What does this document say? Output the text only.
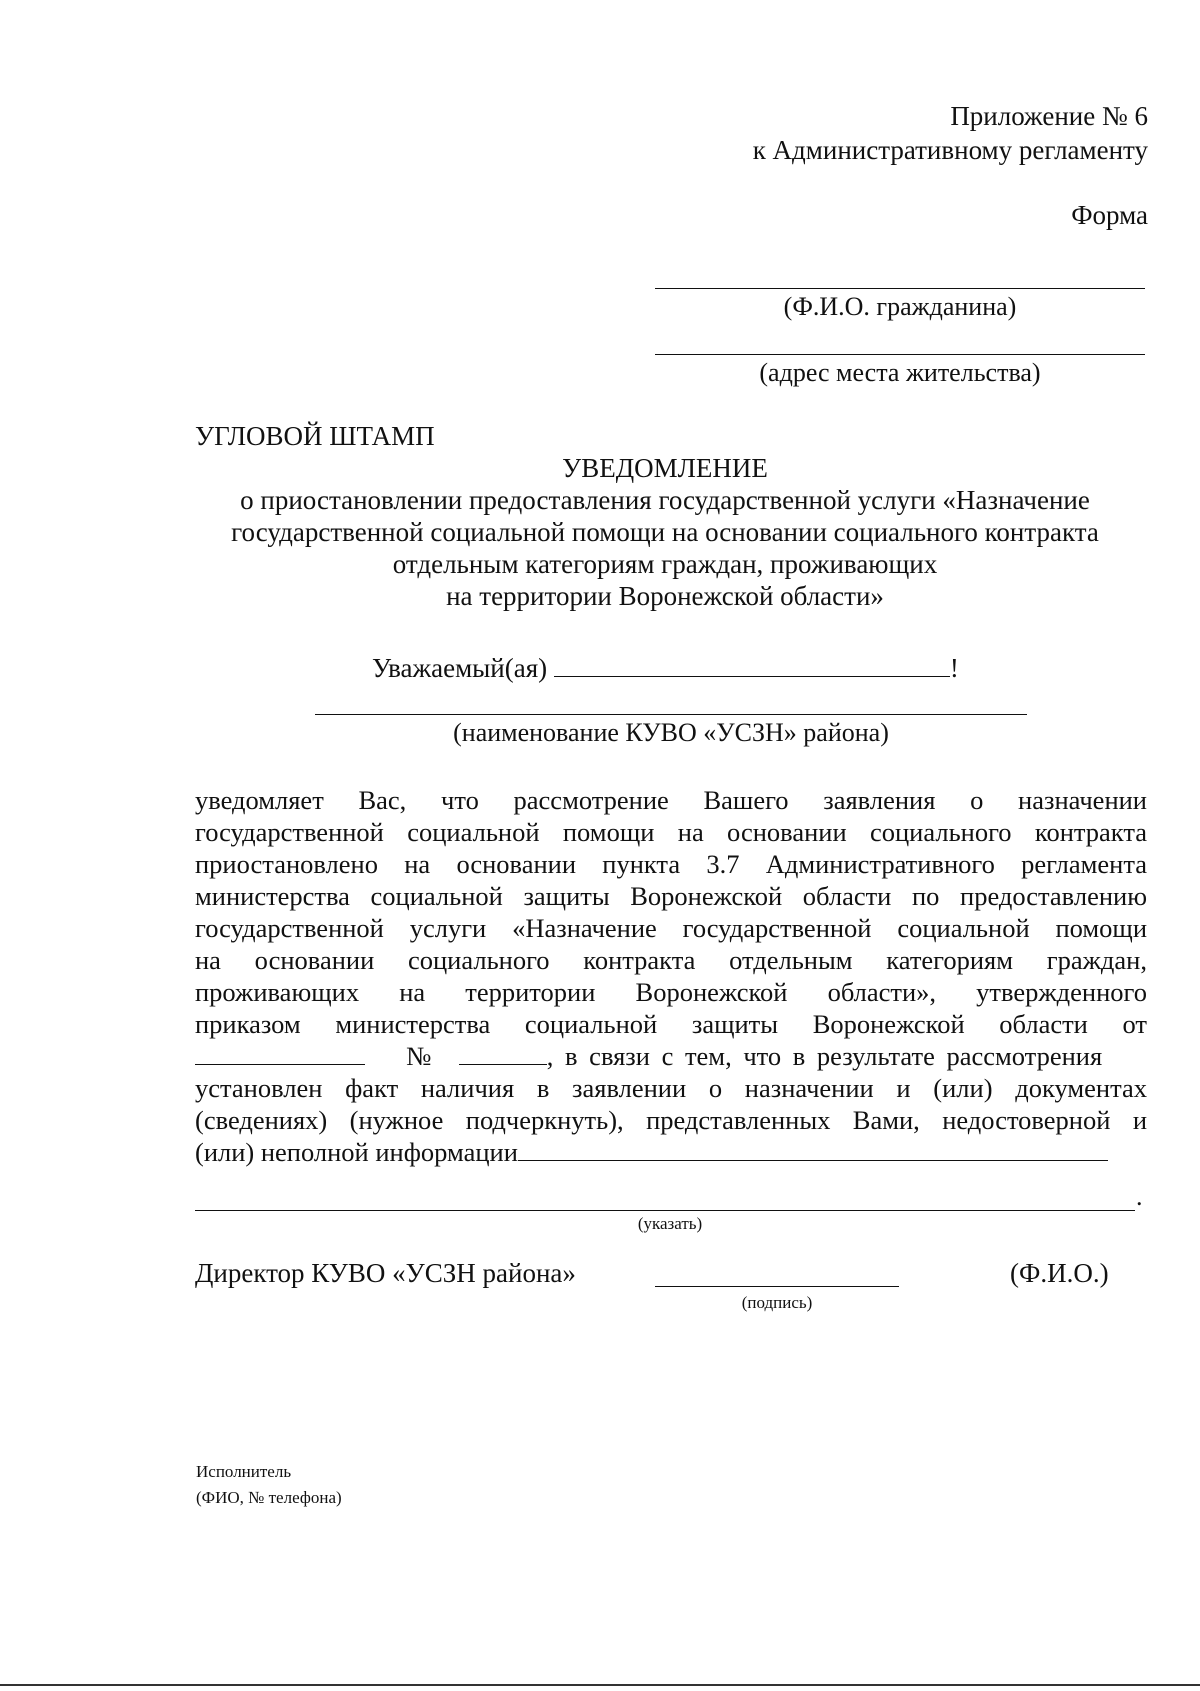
Приложение № 6
к Административному регламенту
Форма
(Ф.И.О. гражданина)
(адрес места жительства)
УГЛОВОЙ ШТАМП
УВЕДОМЛЕНИЕ
о приостановлении предоставления государственной услуги «Назначение
государственной социальной помощи на основании социального контракта
отдельным категориям граждан, проживающих
на территории Воронежской области»
Уважаемый(ая)	!
(наименование КУВО «УСЗН» района)
уведомляет Вас, что рассмотрение Вашего заявления о назначении
государственной социальной помощи на основании социального контракта
приостановлено на основании пункта 3.7 Административного регламента
министерства социальной защиты Воронежской области по предоставлению
государственной услуги «Назначение государственной социальной помощи
на основании социального контракта отдельным категориям граждан,
проживающих на территории Воронежской области», утвержденного
приказом министерства социальной защиты Воронежской области от
№	, в связи с тем, что в результате рассмотрения
установлен факт наличия в заявлении о назначении и (или) документах
(сведениях) (нужное подчеркнуть), представленных Вами, недостоверной и
(или) неполной информации
.
(указать)
Директор КУВО «УСЗН района»
(подпись)
(Ф.И.О.)
Исполнитель
(ФИО, № телефона)
